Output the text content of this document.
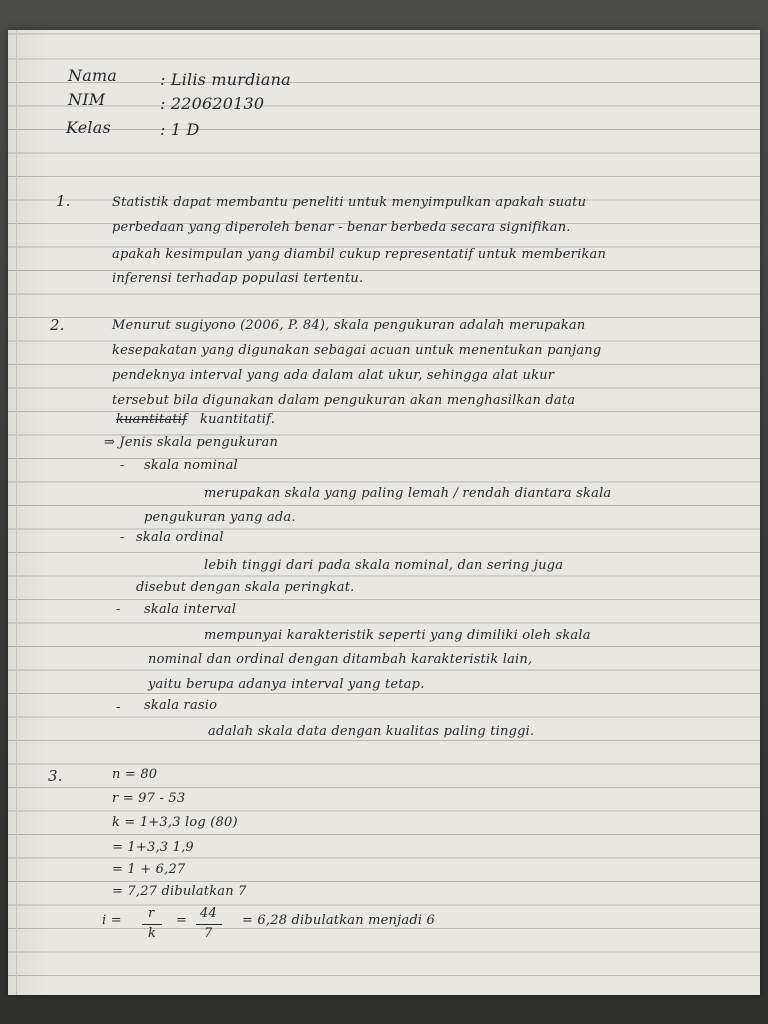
Nama	: Lilis murdiana
NIM	: 220620130
Kelas	: 1 D
1.	Statistik dapat membantu peneliti untuk menyimpulkan apakah suatu
perbedaan yang diperoleh benar - benar berbeda secara signifikan.
apakah kesimpulan yang diambil cukup representatif untuk memberikan
inferensi terhadap populasi tertentu.
2.	Menurut sugiyono (2006, P. 84), skala pengukuran adalah merupakan
kesepakatan yang digunakan sebagai acuan untuk menentukan panjang
pendeknya interval yang ada dalam alat ukur, sehingga alat ukur
tersebut bila digunakan dalam pengukuran akan menghasilkan data
kuantitatif kuantitatif.
⇒ Jenis skala pengukuran
- skala nominal
merupakan skala yang paling lemah / rendah diantara skala
pengukuran yang ada.
- skala ordinal
lebih tinggi dari pada skala nominal, dan sering juga
disebut dengan skala peringkat.
- skala interval
mempunyai karakteristik seperti yang dimiliki oleh skala
nominal dan ordinal dengan ditambah karakteristik lain,
yaitu berupa adanya interval yang tetap.
- skala rasio
adalah skala data dengan kualitas paling tinggi.
3.	n = 80
r = 97 - 53
k = 1+3,3 log (80)
= 1+3,3 1,9
= 1 + 6,27
= 7,27 dibulatkan 7
i = r
k
= 44
7
= 6,28 dibulatkan menjadi 6
